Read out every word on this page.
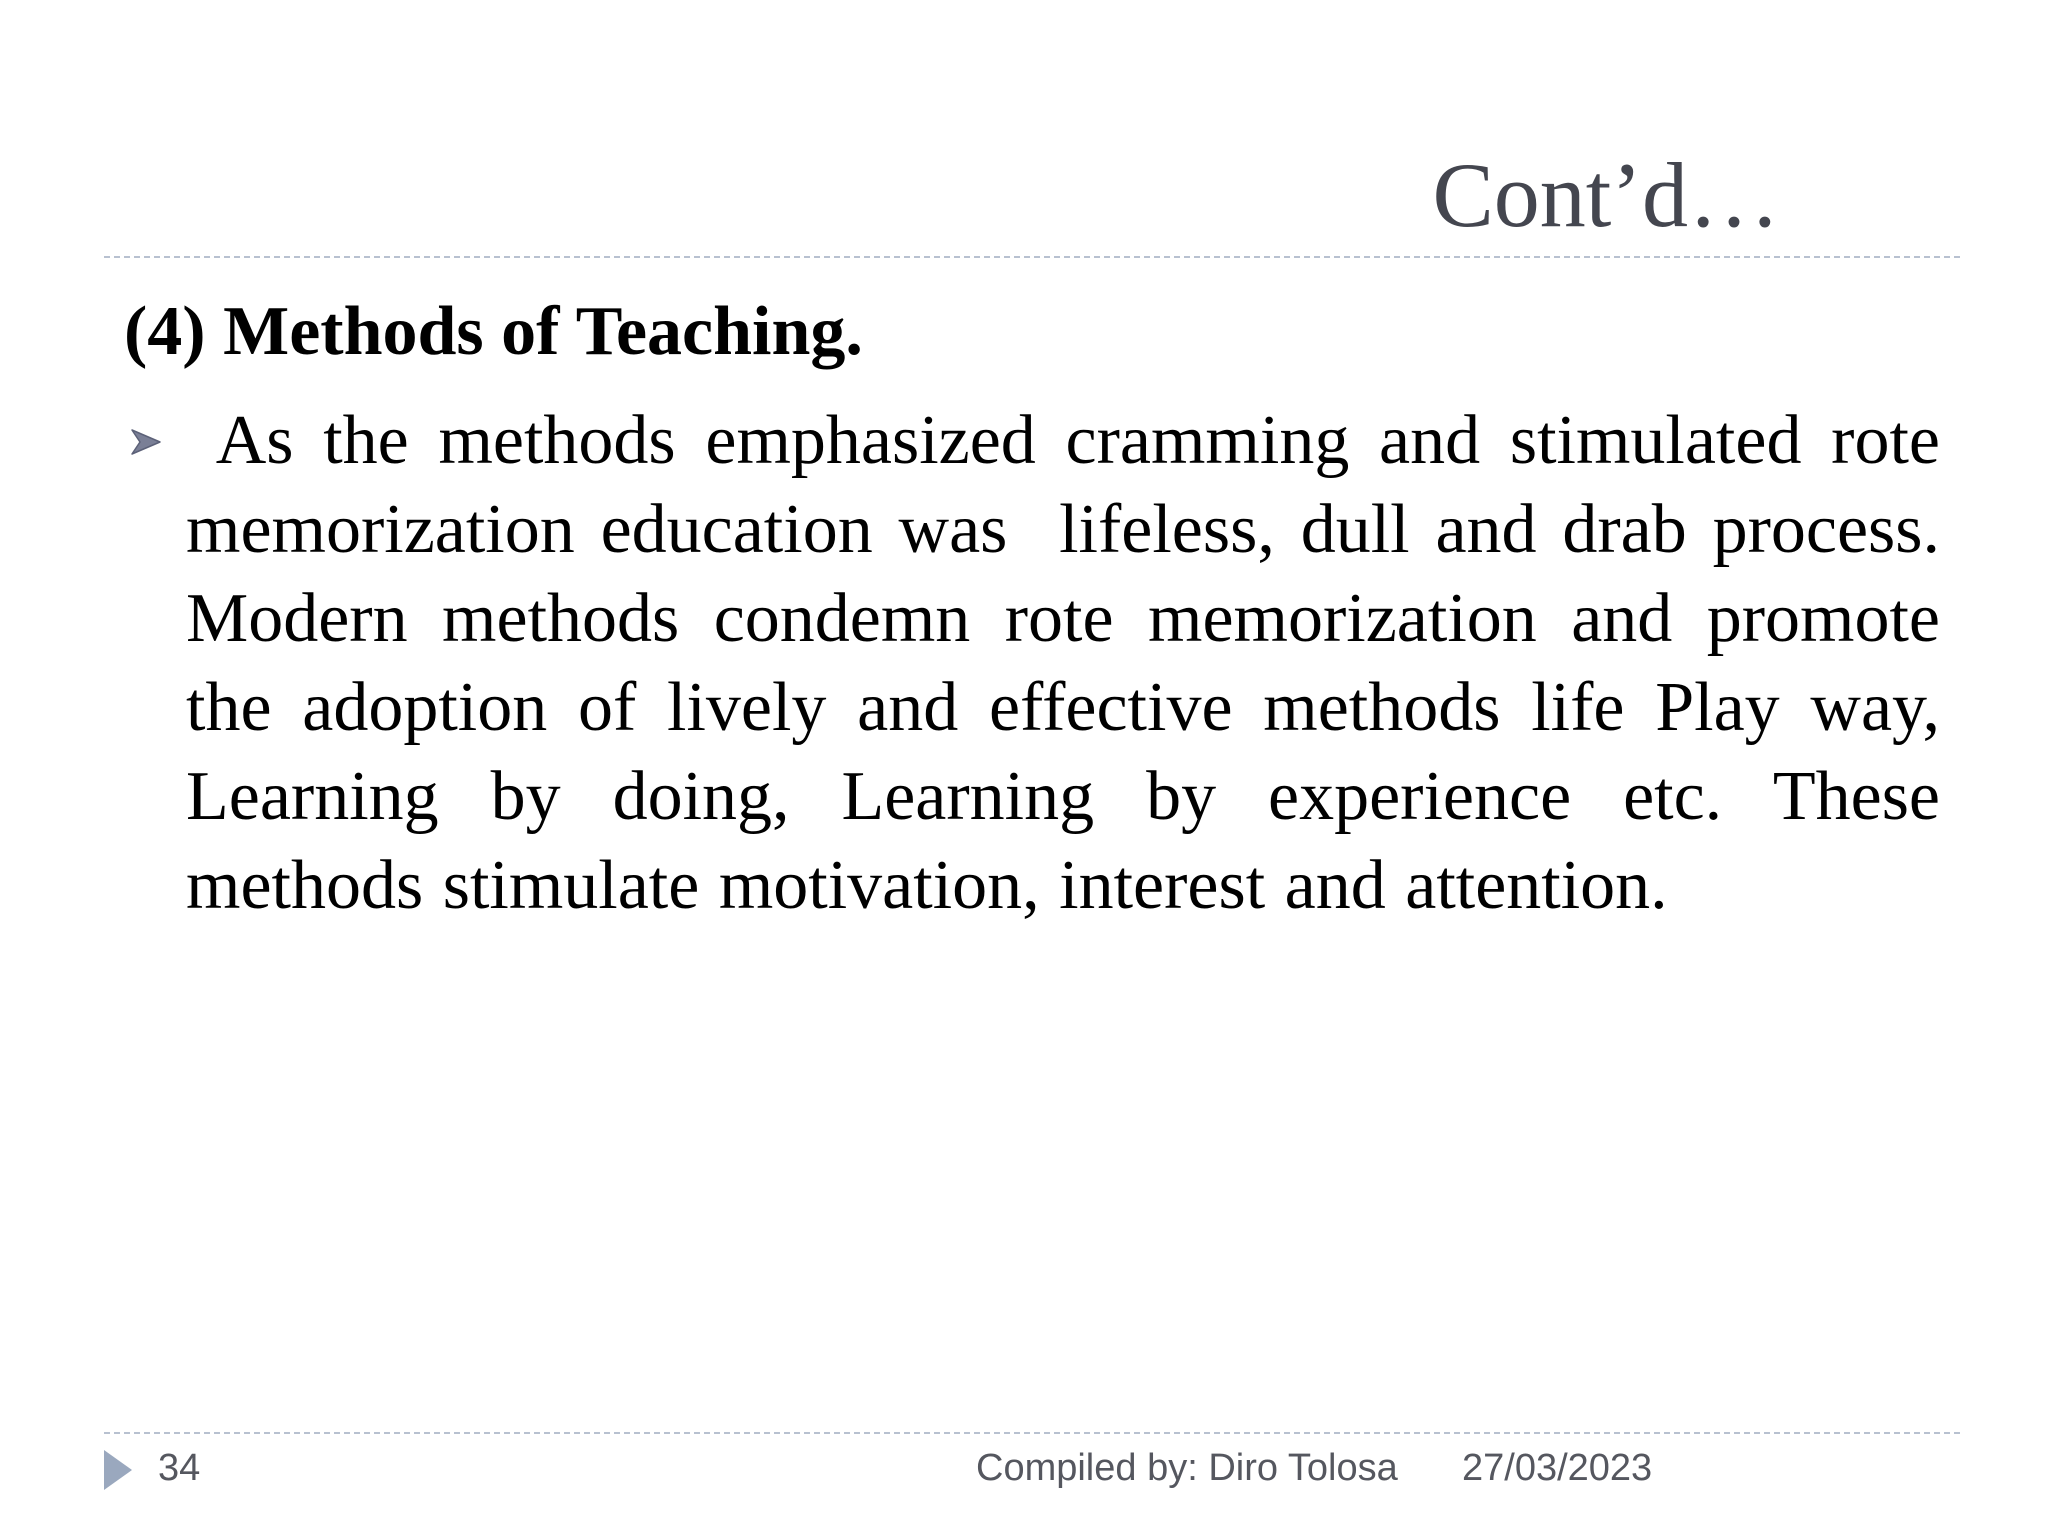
Cont’d…
(4) Methods of Teaching.
As the methods emphasized cramming and stimulated rote memorization education was  lifeless, dull and drab process. Modern methods condemn rote memorization and promote the adoption of lively and effective methods life Play way, Learning by doing, Learning by experience etc. These methods stimulate motivation, interest and attention.
34	Compiled by: Diro Tolosa 27/03/2023
